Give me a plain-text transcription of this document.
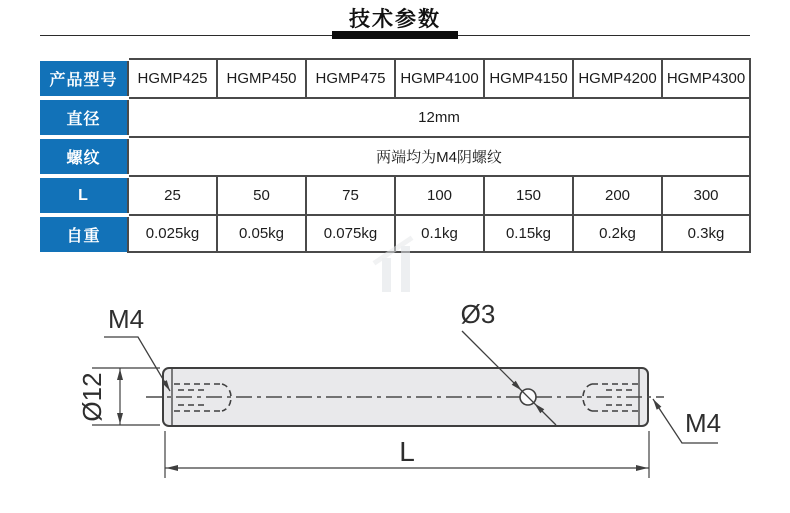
技术参数
产品型号	HGMP425	HGMP450	HGMP475	HGMP4100	HGMP4150	HGMP4200	HGMP4300
直径	12mm						
螺纹	两端均为M4阴螺纹						
L	25	50	75	100	150	200	300
自重	0.025kg	0.05kg	0.075kg	0.1kg	0.15kg	0.2kg	0.3kg
Ø3
M4
M4
Ø12
L
